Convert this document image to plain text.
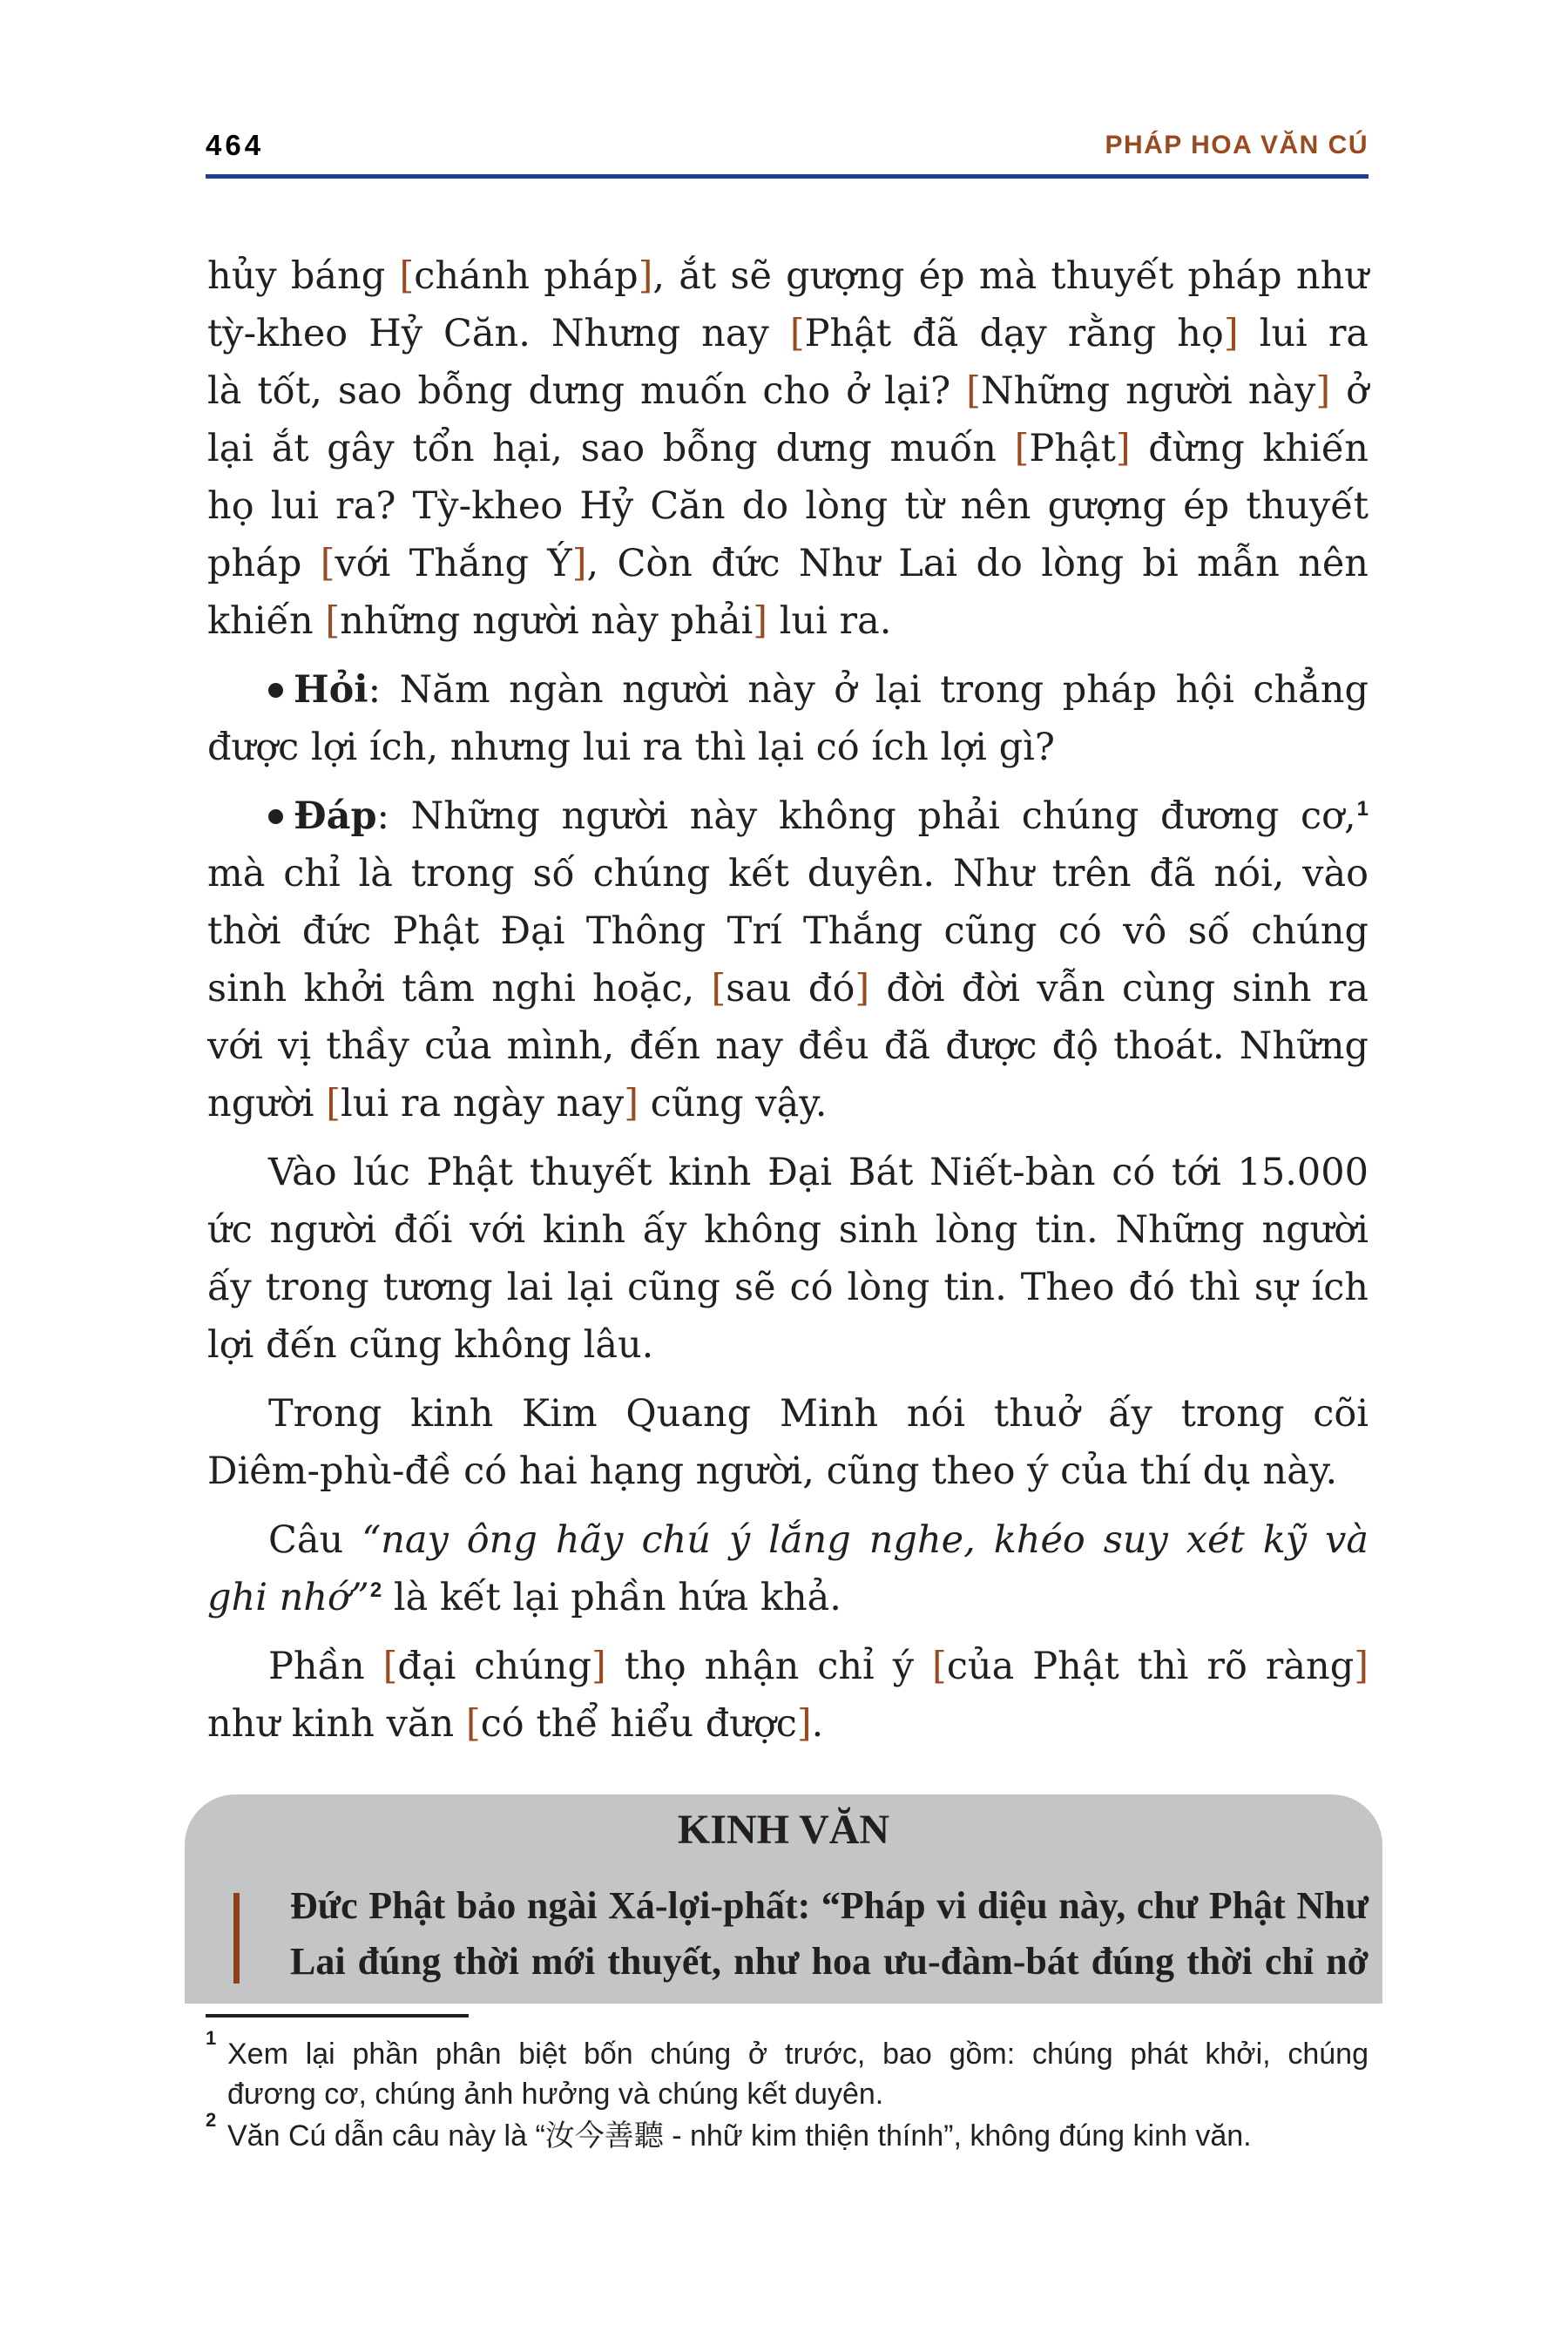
464	PHÁP HOA VĂN CÚ
hủy báng [chánh pháp], ắt sẽ gượng ép mà thuyết pháp như
tỳ-kheo Hỷ Căn. Nhưng nay [Phật đã dạy rằng họ] lui ra
là tốt, sao bỗng dưng muốn cho ở lại? [Những người này] ở
lại ắt gây tổn hại, sao bỗng dưng muốn [Phật] đừng khiến
họ lui ra? Tỳ-kheo Hỷ Căn do lòng từ nên gượng ép thuyết
pháp [với Thắng Ý], Còn đức Như Lai do lòng bi mẫn nên
khiến [những người này phải] lui ra.
Hỏi: Năm ngàn người này ở lại trong pháp hội chẳng
được lợi ích, nhưng lui ra thì lại có ích lợi gì?
Đáp: Những người này không phải chúng đương cơ,$^1$
mà chỉ là trong số chúng kết duyên. Như trên đã nói, vào
thời đức Phật Đại Thông Trí Thắng cũng có vô số chúng
sinh khởi tâm nghi hoặc, [sau đó] đời đời vẫn cùng sinh ra
với vị thầy của mình, đến nay đều đã được độ thoát. Những
người [lui ra ngày nay] cũng vậy.
Vào lúc Phật thuyết kinh Đại Bát Niết-bàn có tới 15.000
ức người đối với kinh ấy không sinh lòng tin. Những người
ấy trong tương lai lại cũng sẽ có lòng tin. Theo đó thì sự ích
lợi đến cũng không lâu.
Trong kinh Kim Quang Minh nói thuở ấy trong cõi
Diêm-phù-đề có hai hạng người, cũng theo ý của thí dụ này.
Câu “nay ông hãy chú ý lắng nghe, khéo suy xét kỹ và
ghi nhớ”$^2$ là kết lại phần hứa khả.
Phần [đại chúng] thọ nhận chỉ ý [của Phật thì rõ ràng]
như kinh văn [có thể hiểu được].
KINH VĂN
Đức Phật bảo ngài Xá-lợi-phất: “Pháp vi diệu này, chư Phật Như
Lai đúng thời mới thuyết, như hoa ưu-đàm-bát đúng thời chỉ nở
1 Xem lại phần phân biệt bốn chúng ở trước, bao gồm: chúng phát khởi, chúng
đương cơ, chúng ảnh hưởng và chúng kết duyên.
2 Văn Cú dẫn câu này là “汝今善聽 - nhữ kim thiện thính”, không đúng kinh văn.
